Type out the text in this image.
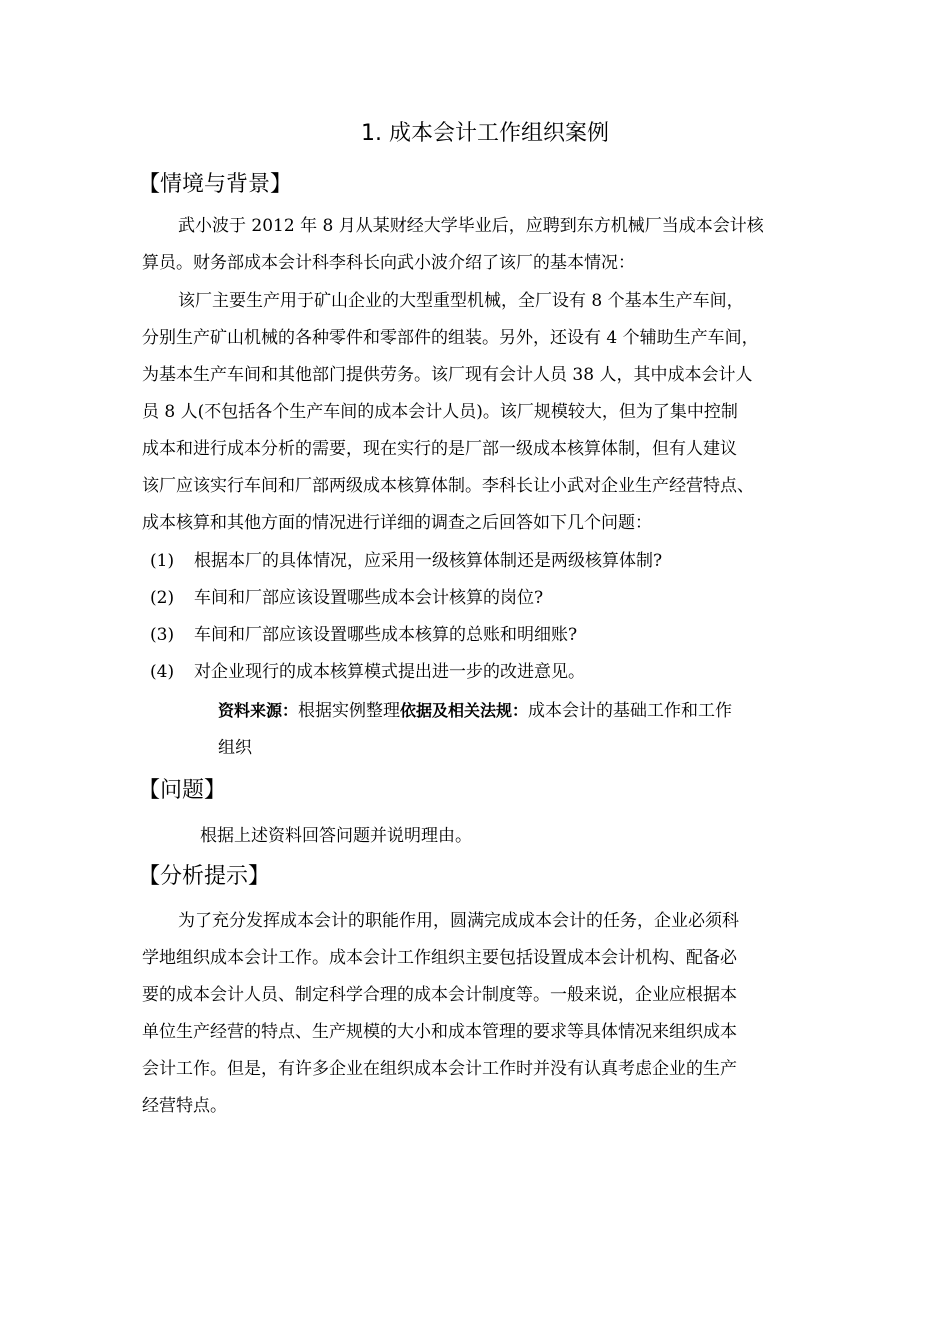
1. 成本会计工作组织案例
【情境与背景】
武小波于 2012 年 8 月从某财经大学毕业后，应聘到东方机械厂当成本会计核
算员。财务部成本会计科李科长向武小波介绍了该厂的基本情况：
该厂主要生产用于矿山企业的大型重型机械，全厂设有 8 个基本生产车间，
分别生产矿山机械的各种零件和零部件的组装。另外，还设有 4 个辅助生产车间，
为基本生产车间和其他部门提供劳务。该厂现有会计人员 38 人，其中成本会计人
员 8 人(不包括各个生产车间的成本会计人员)。该厂规模较大，但为了集中控制
成本和进行成本分析的需要，现在实行的是厂部一级成本核算体制，但有人建议
该厂应该实行车间和厂部两级成本核算体制。李科长让小武对企业生产经营特点、
成本核算和其他方面的情况进行详细的调查之后回答如下几个问题：
(1) 根据本厂的具体情况，应采用一级核算体制还是两级核算体制?
(2) 车间和厂部应该设置哪些成本会计核算的岗位?
(3) 车间和厂部应该设置哪些成本核算的总账和明细账?
(4) 对企业现行的成本核算模式提出进一步的改进意见。
资料来源：根据实例整理依据及相关法规：成本会计的基础工作和工作
组织
【问题】
根据上述资料回答问题并说明理由。
【分析提示】
为了充分发挥成本会计的职能作用，圆满完成成本会计的任务，企业必须科
学地组织成本会计工作。成本会计工作组织主要包括设置成本会计机构、配备必
要的成本会计人员、制定科学合理的成本会计制度等。一般来说，企业应根据本
单位生产经营的特点、生产规模的大小和成本管理的要求等具体情况来组织成本
会计工作。但是，有许多企业在组织成本会计工作时并没有认真考虑企业的生产
经营特点。
